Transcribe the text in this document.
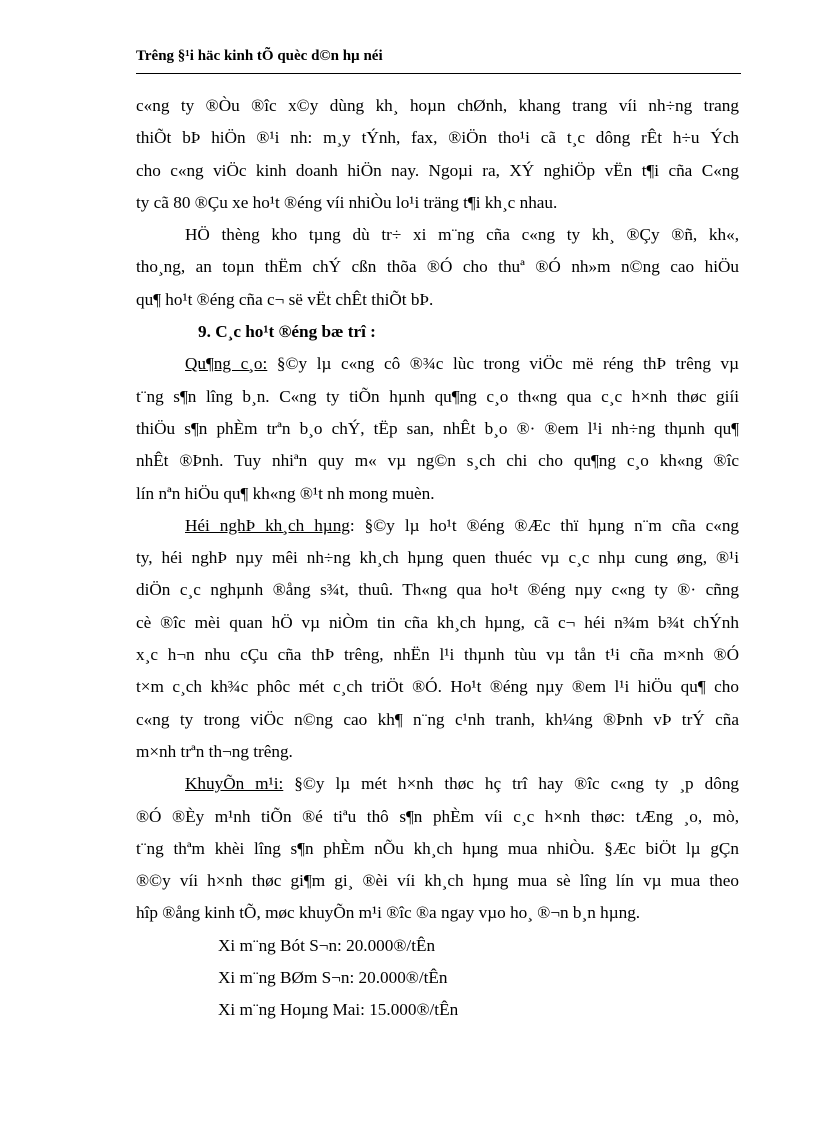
Trêng §¹i häc kinh tÕ quèc d©n hµ néi
c«ng ty ®Òu ®îc x©y dùng kh¸ hoµn chØnh, khang trang víi nh÷ng trang
thiÕt bÞ hiÖn ®¹i nh: m¸y tÝnh, fax, ®iÖn tho¹i cã t¸c dông rÊt h÷u Ých
cho c«ng viÖc kinh doanh hiÖn nay. Ngoµi ra, XÝ nghiÖp vËn t¶i cña C«ng
ty cã 80 ®Çu xe ho¹t ®éng víi nhiÒu lo¹i träng t¶i kh¸c nhau.
HÖ thèng kho tµng dù tr÷ xi m¨ng cña c«ng ty kh¸ ®Çy ®ñ, kh«,
tho¸ng, an toµn thËm chÝ cßn thõa ®Ó cho thuª ®Ó nh»m n©ng cao hiÖu
qu¶ ho¹t ®éng cña c¬ së vËt chÊt thiÕt bÞ.
9. C¸c ho¹t ®éng bæ trî :
Qu¶ng c¸o: §©y lµ c«ng cô ®¾c lùc trong viÖc më réng thÞ trêng vµ
t¨ng s¶n lîng b¸n. C«ng ty tiÕn hµnh qu¶ng c¸o th«ng qua c¸c h×nh thøc giíi
thiÖu s¶n phÈm trªn b¸o chÝ, tËp san, nhÊt b¸o ®· ®em l¹i nh÷ng thµnh qu¶
nhÊt ®Þnh. Tuy nhiªn quy m« vµ ng©n s¸ch chi cho qu¶ng c¸o kh«ng ®îc
lín nªn hiÖu qu¶ kh«ng ®¹t nh mong muèn.
Héi nghÞ kh¸ch hµng: §©y lµ ho¹t ®éng ®Æc thï hµng n¨m cña c«ng
ty, héi nghÞ nµy mêi nh÷ng kh¸ch hµng quen thuéc vµ c¸c nhµ cung øng, ®¹i
diÖn c¸c nghµnh ®ång s¾t, thuû. Th«ng qua ho¹t ®éng nµy c«ng ty ®· cñng
cè ®îc mèi quan hÖ vµ niÒm tin cña kh¸ch hµng, cã c¬ héi n¾m b¾t chÝnh
x¸c h¬n nhu cÇu cña thÞ trêng, nhËn l¹i thµnh tùu vµ tån t¹i cña m×nh ®Ó
t×m c¸ch kh¾c phôc mét c¸ch triÖt ®Ó. Ho¹t ®éng nµy ®em l¹i hiÖu qu¶ cho
c«ng ty trong viÖc n©ng cao kh¶ n¨ng c¹nh tranh, kh¼ng ®Þnh vÞ trÝ cña
m×nh trªn th¬ng trêng.
KhuyÕn m¹i: §©y lµ mét h×nh thøc hç trî hay ®îc c«ng ty ¸p dông
®Ó ®Èy m¹nh tiÕn ®é tiªu thô s¶n phÈm víi c¸c h×nh thøc: tÆng ¸o, mò,
t¨ng thªm khèi lîng s¶n phÈm nÕu kh¸ch hµng mua nhiÒu. §Æc biÖt lµ gÇn
®©y víi h×nh thøc gi¶m gi¸ ®èi víi kh¸ch hµng mua sè lîng lín vµ mua theo
hîp ®ång kinh tÕ, møc khuyÕn m¹i ®îc ®a ngay vµo ho¸ ®¬n b¸n hµng.
Xi m¨ng Bót S¬n: 20.000®/tÊn
Xi m¨ng BØm S¬n: 20.000®/tÊn
Xi m¨ng Hoµng Mai: 15.000®/tÊn
